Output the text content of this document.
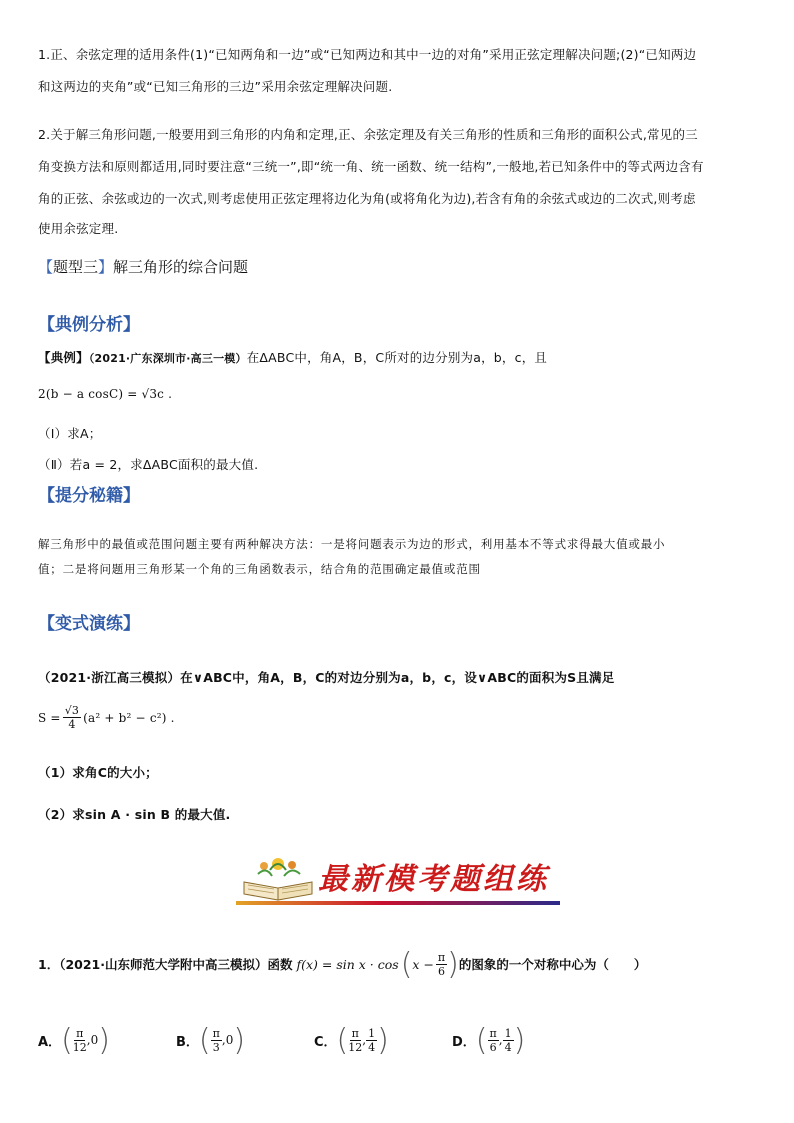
1.正、余弦定理的适用条件(1)“已知两角和一边”或“已知两边和其中一边的对角”采用正弦定理解决问题;(2)“已知两边
和这两边的夹角”或“已知三角形的三边”采用余弦定理解决问题.
2.关于解三角形问题,一般要用到三角形的内角和定理,正、余弦定理及有关三角形的性质和三角形的面积公式,常见的三
角变换方法和原则都适用,同时要注意“三统一”,即“统一角、统一函数、统一结构”,一般地,若已知条件中的等式两边含有
角的正弦、余弦或边的一次式,则考虑使用正弦定理将边化为角(或将角化为边),若含有角的余弦式或边的二次式,则考虑
使用余弦定理.
【题型三】解三角形的综合问题
【典例分析】
【典例】（2021·广东深圳市·高三一模）在ΔABC中，角A，B，C所对的边分别为a，b，c，且
2(b − a cosC) = √3c .
（Ⅰ）求A；
（Ⅱ）若a = 2，求ΔABC面积的最大值.
【提分秘籍】
解三角形中的最值或范围问题主要有两种解决方法：一是将问题表示为边的形式，利用基本不等式求得最大值或最小
值；二是将问题用三角形某一个角的三角函数表示，结合角的范围确定最值或范围
【变式演练】
（2021·浙江高三模拟）在∨ABC中，角A，B，C的对边分别为a，b，c，设∨ABC的面积为S且满足
$S = \frac{√3}{4} (a^2 + b^2 - c^2)$ .
（1）求角C的大小；
（2）求sin A · sin B 的最大值.
最新模考题组练
1．（2021·山东师范大学附中高三模拟）函数 f(x) = sin x · cos ( $x - \frac{\pi}{6}$ ) 的图象的一个对称中心为（　　）
A． ( $\frac{\pi}{12} ,0$ )	B． ( $\frac{\pi}{3} ,0$ )	C． ( $\frac{\pi}{12}$ , $\frac{1}{4}$ )	D． ( $\frac{\pi}{6}$ , $\frac{1}{4}$ )
